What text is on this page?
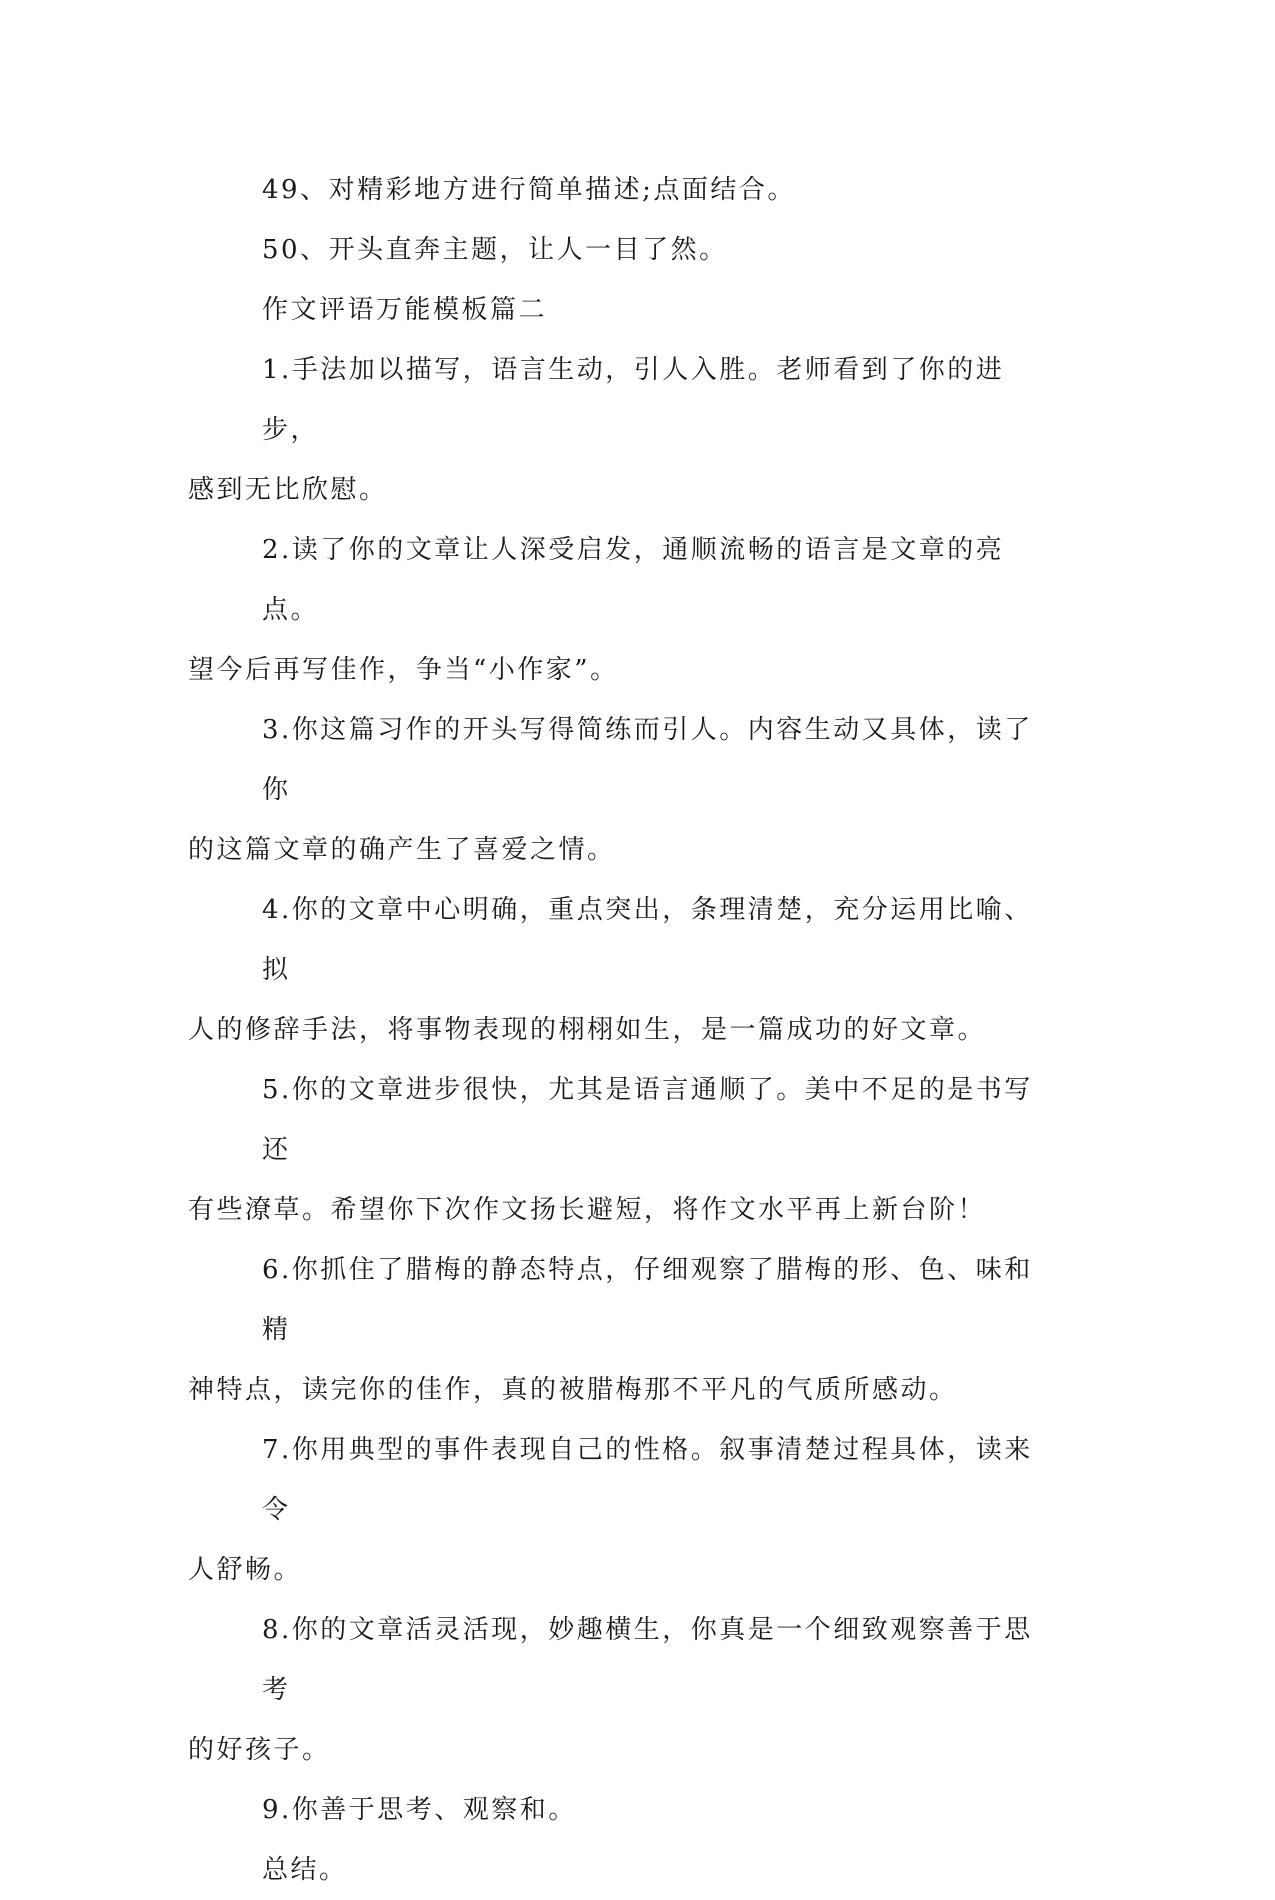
49、对精彩地方进行简单描述;点面结合。

50、开头直奔主题，让人一目了然。

作文评语万能模板篇二

1.手法加以描写，语言生动，引人入胜。老师看到了你的进步，

感到无比欣慰。

2.读了你的文章让人深受启发，通顺流畅的语言是文章的亮点。

望今后再写佳作，争当“小作家”。

3.你这篇习作的开头写得简练而引人。内容生动又具体，读了你

的这篇文章的确产生了喜爱之情。

4.你的文章中心明确，重点突出，条理清楚，充分运用比喻、拟

人的修辞手法，将事物表现的栩栩如生，是一篇成功的好文章。

5.你的文章进步很快，尤其是语言通顺了。美中不足的是书写还

有些潦草。希望你下次作文扬长避短，将作文水平再上新台阶！

6.你抓住了腊梅的静态特点，仔细观察了腊梅的形、色、味和精

神特点，读完你的佳作，真的被腊梅那不平凡的气质所感动。

7.你用典型的事件表现自己的性格。叙事清楚过程具体，读来令

人舒畅。

8.你的文章活灵活现，妙趣横生，你真是一个细致观察善于思考

的好孩子。

9.你善于思考、观察和。

总结。
